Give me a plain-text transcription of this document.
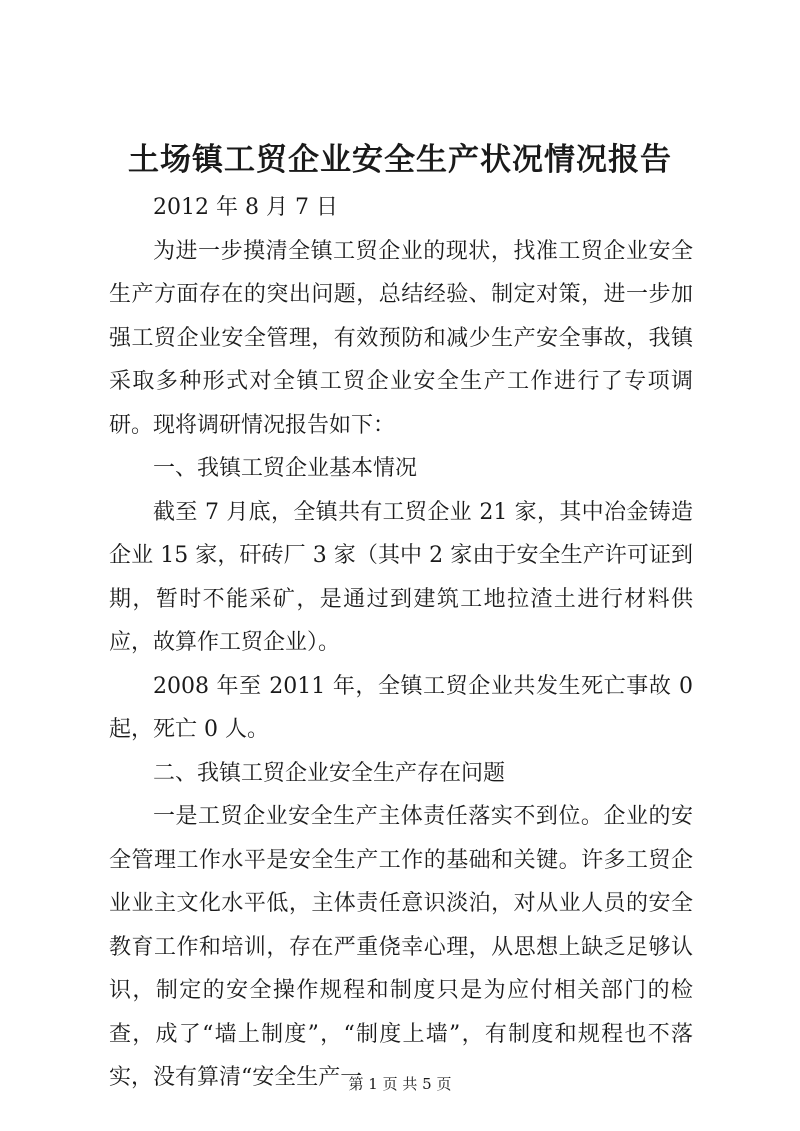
土场镇工贸企业安全生产状况情况报告

2012 年 8 月 7 日

为进一步摸清全镇工贸企业的现状，找准工贸企业安全生产方面存在的突出问题，总结经验、制定对策，进一步加强工贸企业安全管理，有效预防和减少生产安全事故，我镇采取多种形式对全镇工贸企业安全生产工作进行了专项调研。现将调研情况报告如下：

一、我镇工贸企业基本情况

截至 7 月底，全镇共有工贸企业 21 家，其中冶金铸造企业 15 家，矸砖厂 3 家（其中 2 家由于安全生产许可证到期，暂时不能采矿，是通过到建筑工地拉渣土进行材料供应，故算作工贸企业）。

2008 年至 2011 年，全镇工贸企业共发生死亡事故 0 起，死亡 0 人。

二、我镇工贸企业安全生产存在问题

一是工贸企业安全生产主体责任落实不到位。企业的安全管理工作水平是安全生产工作的基础和关键。许多工贸企业业主文化水平低，主体责任意识淡泊，对从业人员的安全教育工作和培训，存在严重侥幸心理，从思想上缺乏足够认识，制定的安全操作规程和制度只是为应付相关部门的检查，成了“墙上制度”，“制度上墙”，有制度和规程也不落实，没有算清“安全生产一

第 1 页 共 5 页
